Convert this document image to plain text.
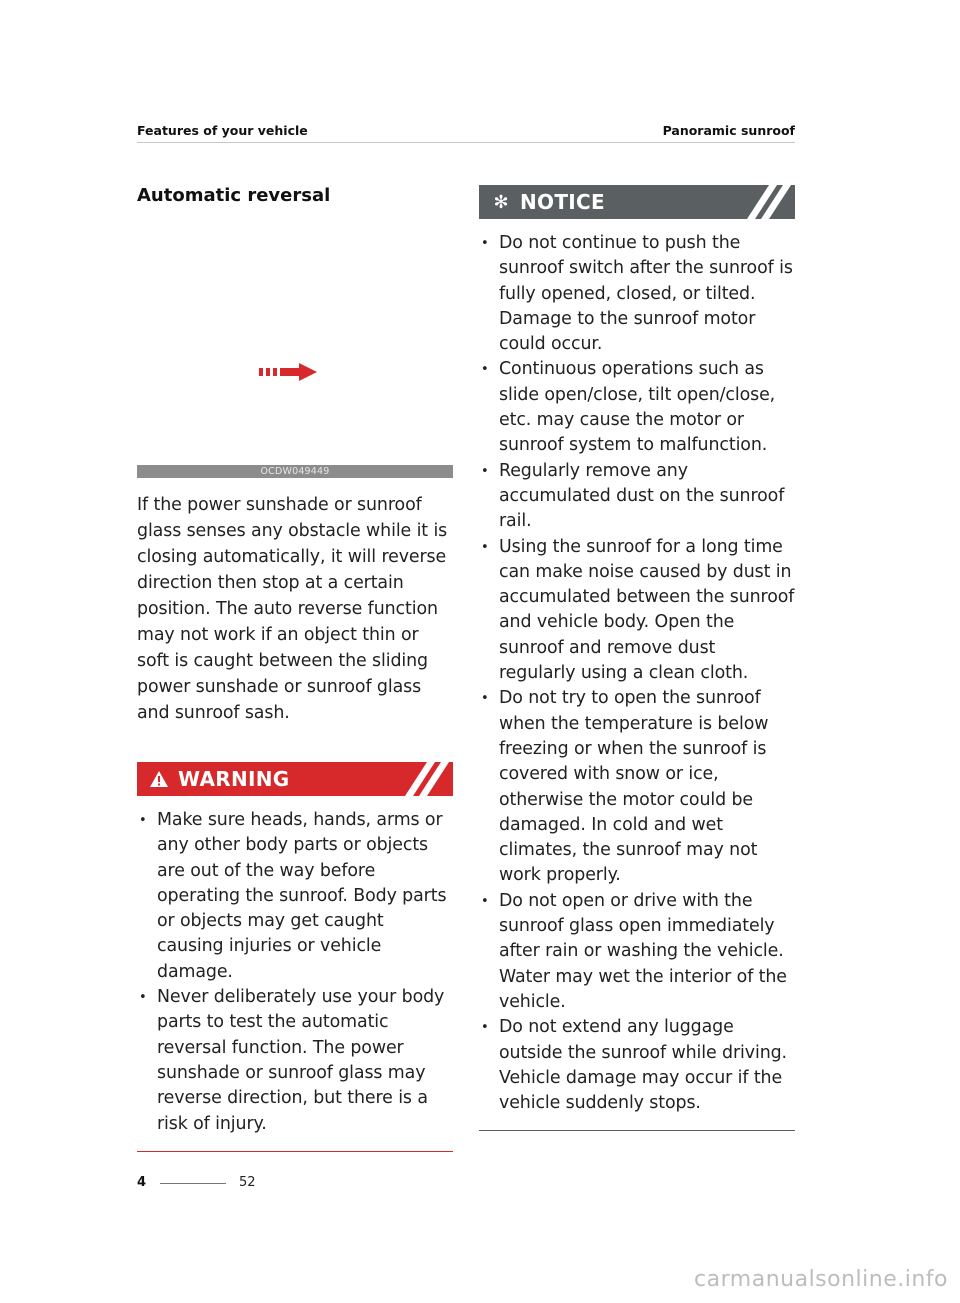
Features of your vehicle	Panoramic sunroof
Automatic reversal
OCDW049449

If the power sunshade or sunroof glass senses any obstacle while it is closing automatically, it will reverse direction then stop at a certain position. The auto reverse function may not work if an object thin or soft is caught between the sliding power sunshade or sunroof glass and sunroof sash.

WARNING
• Make sure heads, hands, arms or any other body parts or objects are out of the way before operating the sunroof. Body parts or objects may get caught causing injuries or vehicle damage.
• Never deliberately use your body parts to test the automatic reversal function. The power sunshade or sunroof glass may reverse direction, but there is a risk of injury.
✻ NOTICE
• Do not continue to push the sunroof switch after the sunroof is fully opened, closed, or tilted. Damage to the sunroof motor could occur.
• Continuous operations such as slide open/close, tilt open/close, etc. may cause the motor or sunroof system to malfunction.
• Regularly remove any accumulated dust on the sunroof rail.
• Using the sunroof for a long time can make noise caused by dust in accumulated between the sunroof and vehicle body. Open the sunroof and remove dust regularly using a clean cloth.
• Do not try to open the sunroof when the temperature is below freezing or when the sunroof is covered with snow or ice, otherwise the motor could be damaged. In cold and wet climates, the sunroof may not work properly.
• Do not open or drive with the sunroof glass open immediately after rain or washing the vehicle. Water may wet the interior of the vehicle.
• Do not extend any luggage outside the sunroof while driving. Vehicle damage may occur if the vehicle suddenly stops.
4	52
carmanualsonline.info
